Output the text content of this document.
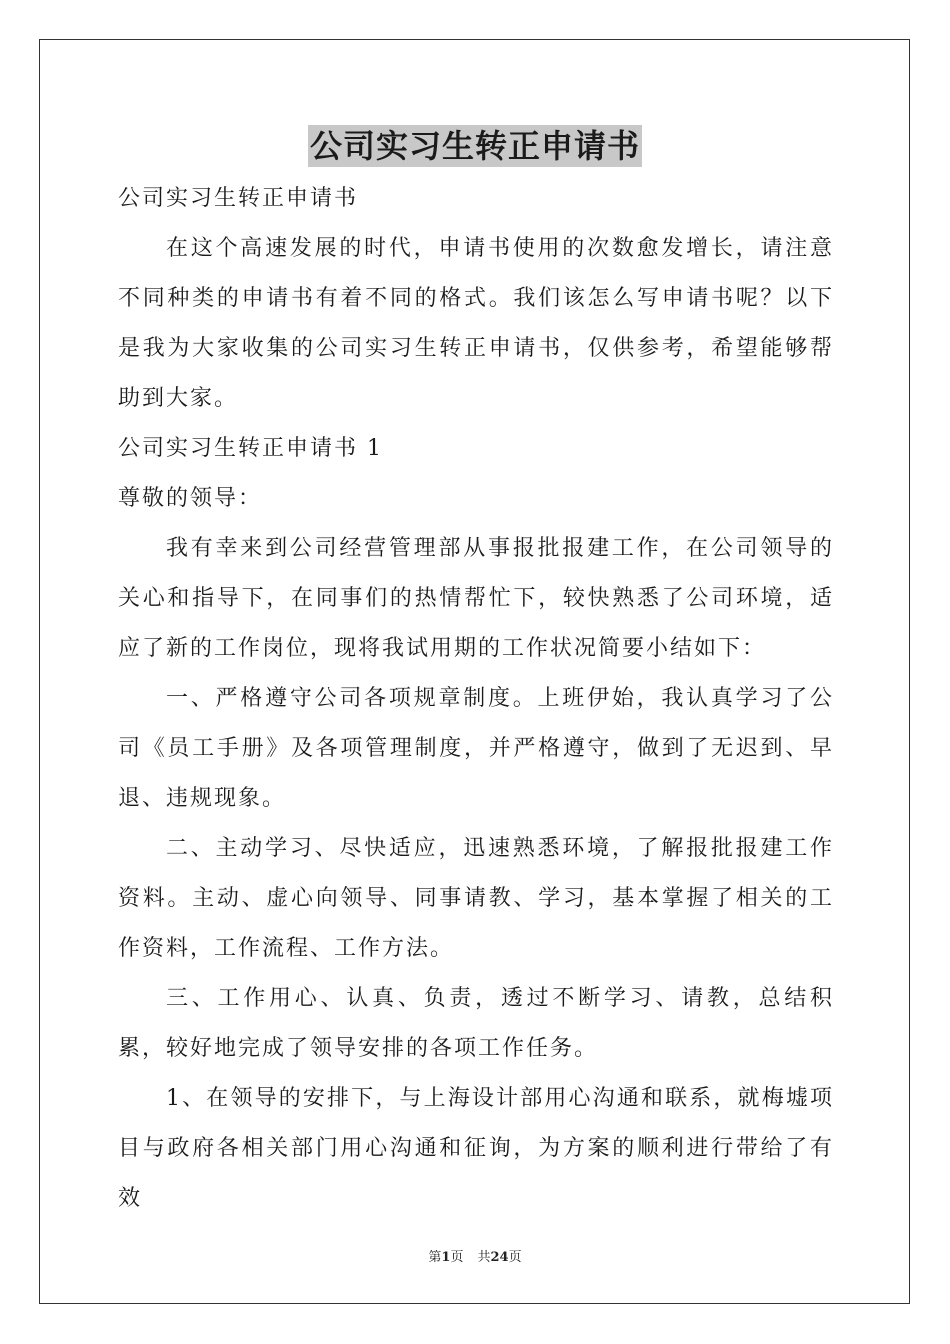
公司实习生转正申请书

公司实习生转正申请书

在这个高速发展的时代，申请书使用的次数愈发增长，请注意不同种类的申请书有着不同的格式。我们该怎么写申请书呢？以下是我为大家收集的公司实习生转正申请书，仅供参考，希望能够帮助到大家。

公司实习生转正申请书 1

尊敬的领导：

我有幸来到公司经营管理部从事报批报建工作，在公司领导的关心和指导下，在同事们的热情帮忙下，较快熟悉了公司环境，适应了新的工作岗位，现将我试用期的工作状况简要小结如下：

一、严格遵守公司各项规章制度。上班伊始，我认真学习了公司《员工手册》及各项管理制度，并严格遵守，做到了无迟到、早退、违规现象。

二、主动学习、尽快适应，迅速熟悉环境，了解报批报建工作资料。主动、虚心向领导、同事请教、学习，基本掌握了相关的工作资料，工作流程、工作方法。

三、工作用心、认真、负责，透过不断学习、请教，总结积累，较好地完成了领导安排的各项工作任务。

1、在领导的安排下，与上海设计部用心沟通和联系，就梅墟项目与政府各相关部门用心沟通和征询，为方案的顺利进行带给了有效

第1页 共24页
